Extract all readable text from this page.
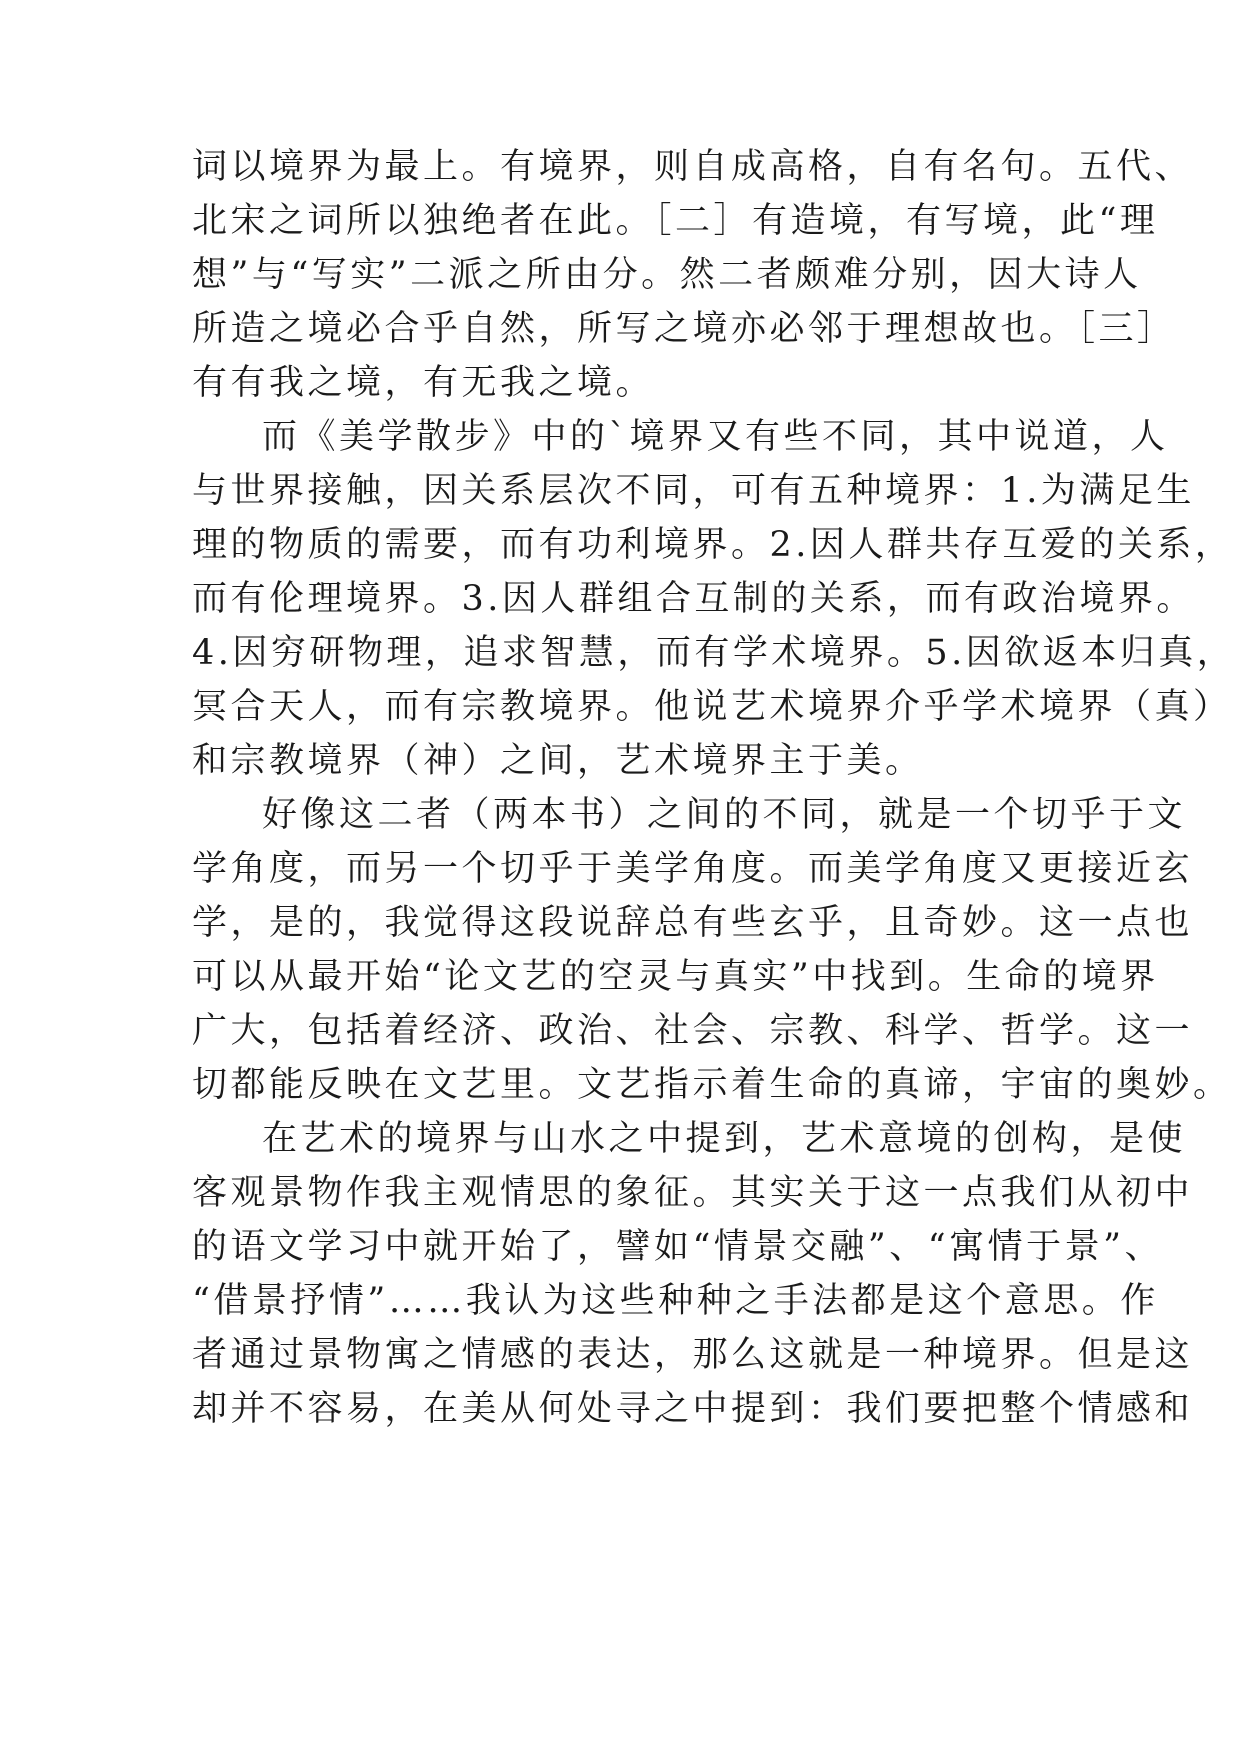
词以境界为最上。有境界，则自成高格，自有名句。五代、
北宋之词所以独绝者在此。［二］有造境，有写境，此“理
想”与“写实”二派之所由分。然二者颇难分别，因大诗人
所造之境必合乎自然，所写之境亦必邻于理想故也。［三］
有有我之境，有无我之境。
而《美学散步》中的`境界又有些不同，其中说道，人
与世界接触，因关系层次不同，可有五种境界：1.为满足生
理的物质的需要，而有功利境界。2.因人群共存互爱的关系，
而有伦理境界。3.因人群组合互制的关系，而有政治境界。
4.因穷研物理，追求智慧，而有学术境界。5.因欲返本归真，
冥合天人，而有宗教境界。他说艺术境界介乎学术境界（真）
和宗教境界（神）之间，艺术境界主于美。
好像这二者（两本书）之间的不同，就是一个切乎于文
学角度，而另一个切乎于美学角度。而美学角度又更接近玄
学，是的，我觉得这段说辞总有些玄乎，且奇妙。这一点也
可以从最开始“论文艺的空灵与真实”中找到。生命的境界
广大，包括着经济、政治、社会、宗教、科学、哲学。这一
切都能反映在文艺里。文艺指示着生命的真谛，宇宙的奥妙。
在艺术的境界与山水之中提到，艺术意境的创构，是使
客观景物作我主观情思的象征。其实关于这一点我们从初中
的语文学习中就开始了，譬如“情景交融”、“寓情于景”、
“借景抒情”……我认为这些种种之手法都是这个意思。作
者通过景物寓之情感的表达，那么这就是一种境界。但是这
却并不容易，在美从何处寻之中提到：我们要把整个情感和
